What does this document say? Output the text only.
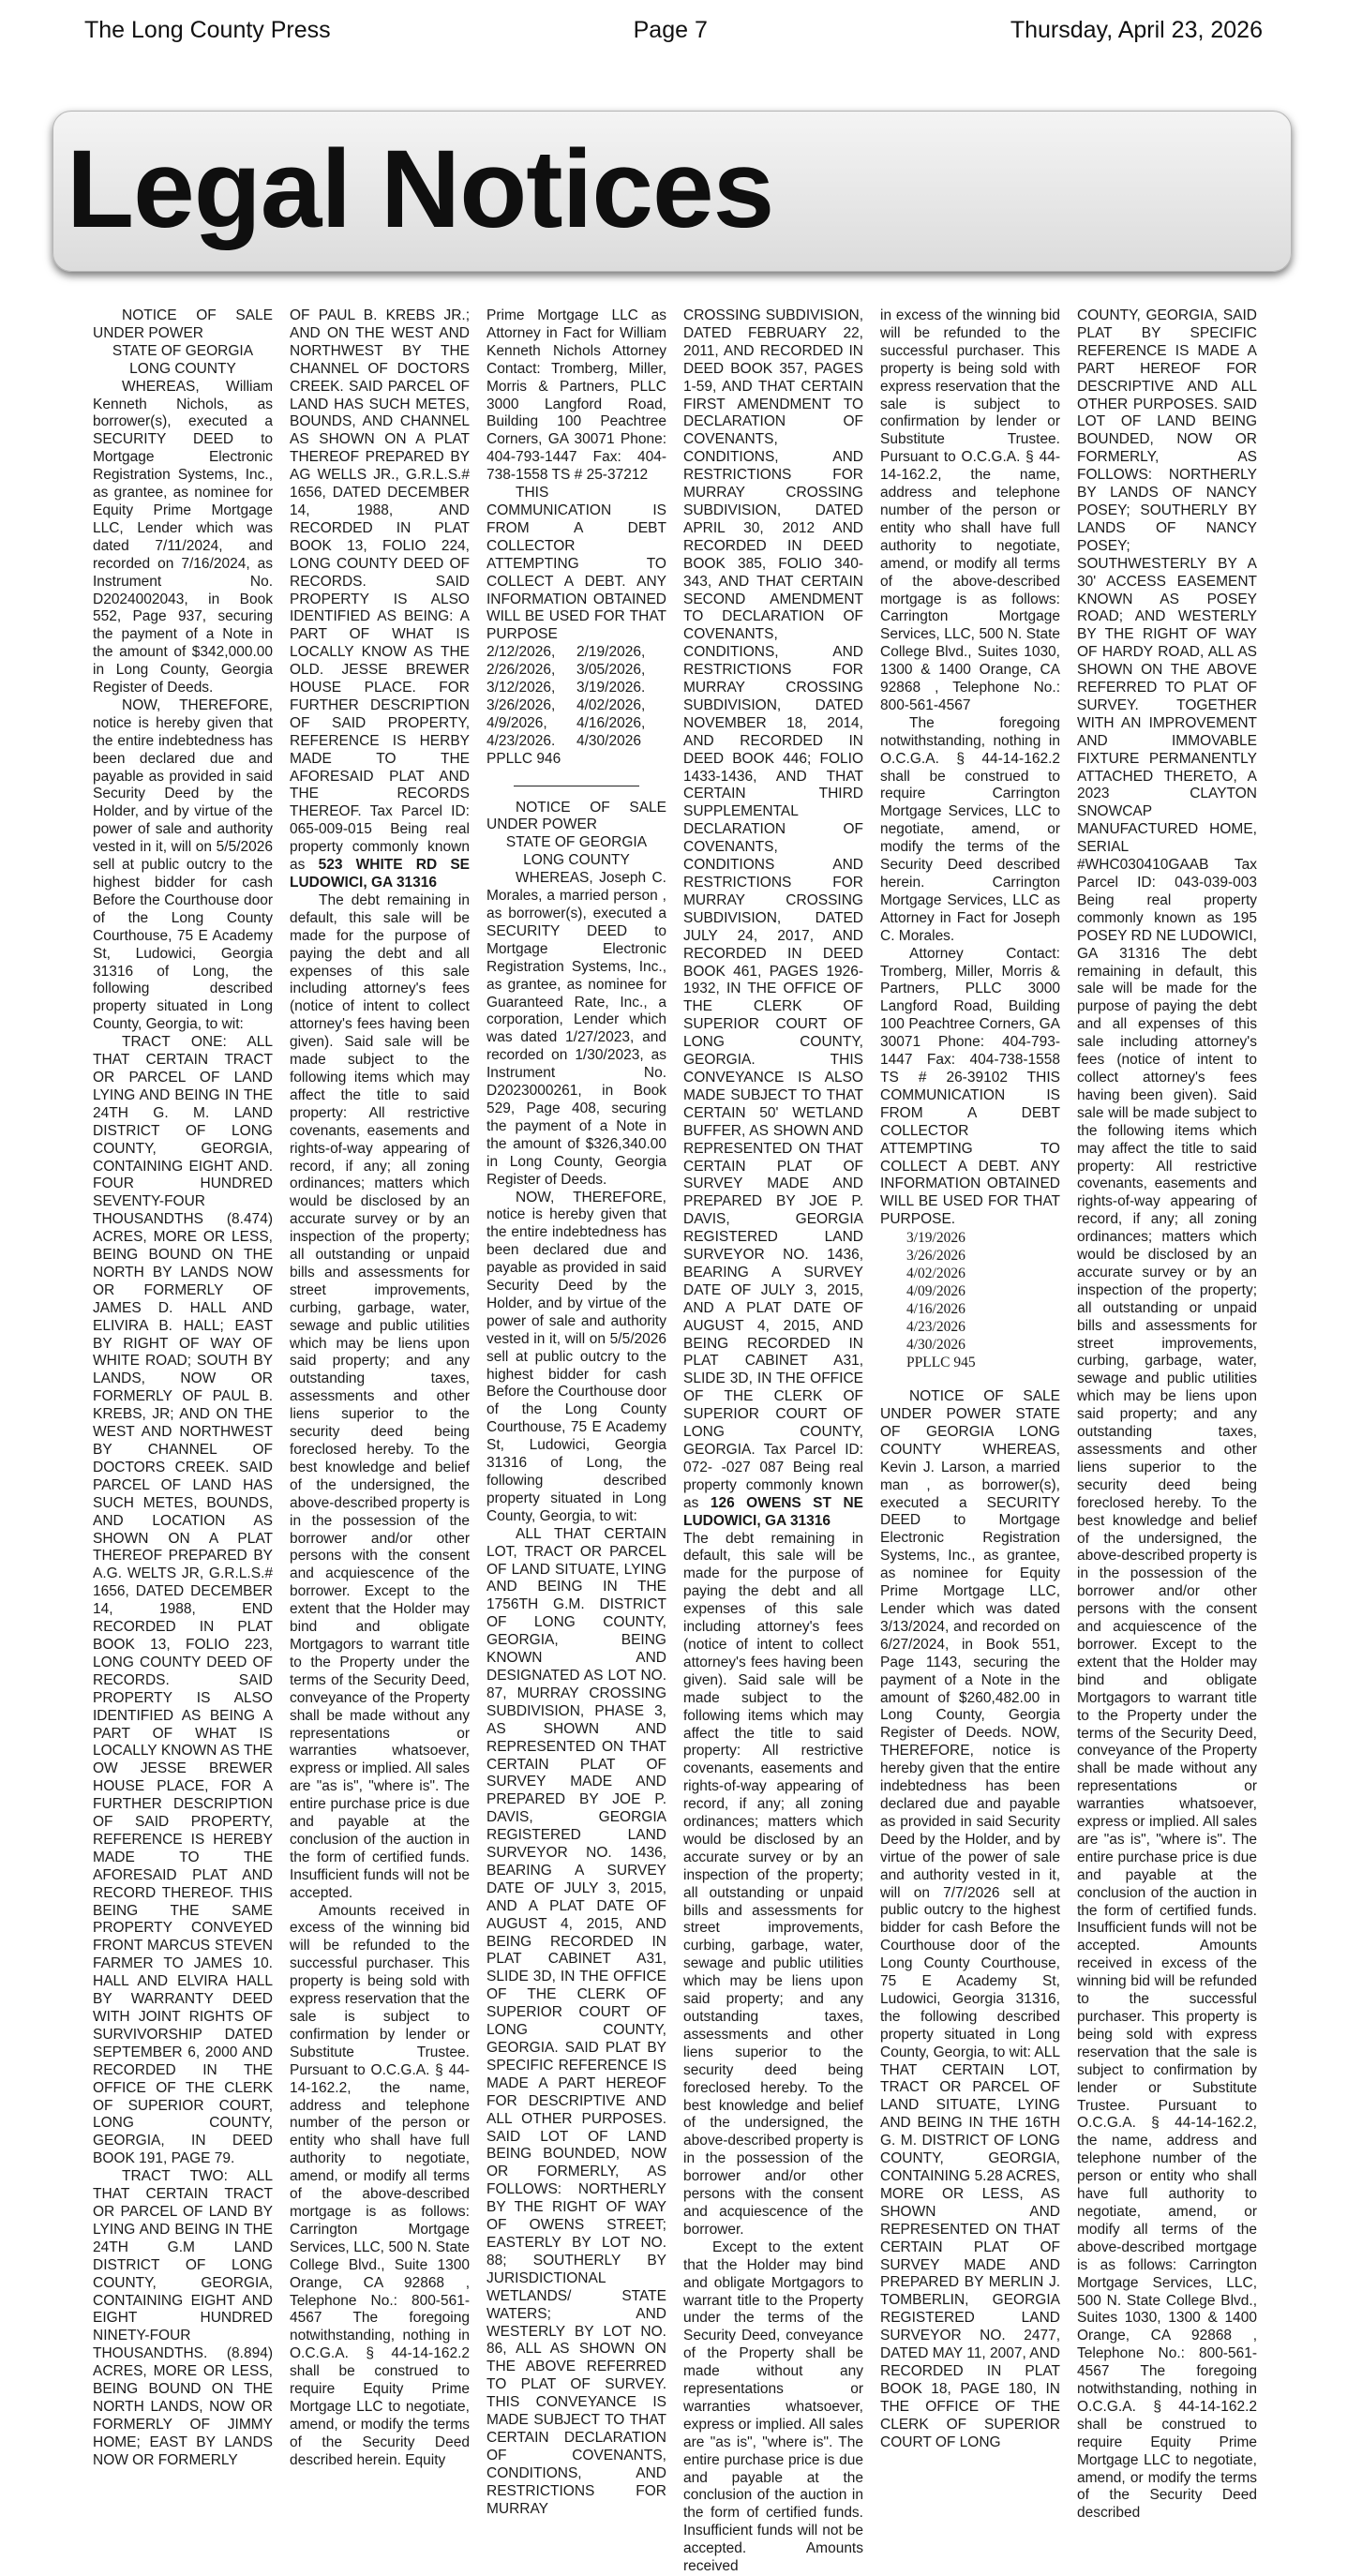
The Long County Press	Page 7	Thursday, April 23, 2026
Legal Notices

NOTICE OF SALE UNDER POWER

STATE OF GEORGIA

LONG COUNTY

WHEREAS, William Kenneth Nichols, as borrower(s), executed a SECURITY DEED to Mortgage Electronic Registration Systems, Inc., as grantee, as nominee for Equity Prime Mortgage LLC, Lender which was dated 7/11/2024, and recorded on 7/16/2024, as Instrument No. D2024002043, in Book 552, Page 937, securing the payment of a Note in the amount of $342,000.00 in Long County, Georgia Register of Deeds.

NOW, THEREFORE, notice is hereby given that the entire indebtedness has been declared due and payable as provided in said Security Deed by the Holder, and by virtue of the power of sale and authority vested in it, will on 5/5/2026 sell at public outcry to the highest bidder for cash Before the Courthouse door of the Long County Courthouse, 75 E Academy St, Ludowici, Georgia 31316 of Long, the following described property situated in Long County, Georgia, to wit:

TRACT ONE: ALL THAT CERTAIN TRACT OR PARCEL OF LAND LYING AND BEING IN THE 24TH G. M. LAND DISTRICT OF LONG COUNTY, GEORGIA, CONTAINING EIGHT AND. FOUR HUNDRED SEVENTY-FOUR THOUSANDTHS (8.474) ACRES, MORE OR LESS, BEING BOUND ON THE NORTH BY LANDS NOW OR FORMERLY OF JAMES D. HALL AND ELIVIRA B. HALL; EAST BY RIGHT OF WAY OF WHITE ROAD; SOUTH BY LANDS, NOW OR FORMERLY OF PAUL B. KREBS, JR; AND ON THE WEST AND NORTHWEST BY CHANNEL OF DOCTORS CREEK. SAID PARCEL OF LAND HAS SUCH METES, BOUNDS, AND LOCATION AS SHOWN ON A PLAT THEREOF PREPARED BY A.G. WELTS JR, G.R.L.S.# 1656, DATED DECEMBER 14, 1988, END RECORDED IN PLAT BOOK 13, FOLIO 223, LONG COUNTY DEED OF RECORDS. SAID PROPERTY IS ALSO IDENTIFIED AS BEING A PART OF WHAT IS LOCALLY KNOWN AS THE OW JESSE BREWER HOUSE PLACE, FOR A FURTHER DESCRIPTION OF SAID PROPERTY, REFERENCE IS HEREBY MADE TO THE AFORESAID PLAT AND RECORD THEREOF. THIS BEING THE SAME PROPERTY CONVEYED FRONT MARCUS STEVEN FARMER TO JAMES 10. HALL AND ELVIRA HALL BY WARRANTY DEED WITH JOINT RIGHTS OF SURVIVORSHIP DATED SEPTEMBER 6, 2000 AND RECORDED IN THE OFFICE OF THE CLERK OF SUPERIOR COURT, LONG COUNTY, GEORGIA, IN DEED BOOK 191, PAGE 79.

TRACT TWO: ALL THAT CERTAIN TRACT OR PARCEL OF LAND BY LYING AND BEING IN THE 24TH G.M LAND DISTRICT OF LONG COUNTY, GEORGIA, CONTAINING EIGHT AND EIGHT HUNDRED NINETY-FOUR THOUSANDTHS. (8.894) ACRES, MORE OR LESS, BEING BOUND ON THE NORTH LANDS, NOW OR FORMERLY OF JIMMY HOME; EAST BY LANDS NOW OR FORMERLY

OF PAUL B. KREBS JR.; AND ON THE WEST AND NORTHWEST BY THE CHANNEL OF DOCTORS CREEK. SAID PARCEL OF LAND HAS SUCH METES, BOUNDS, AND CHANNEL AS SHOWN ON A PLAT THEREOF PREPARED BY AG WELLS JR., G.R.L.S.# 1656, DATED DECEMBER 14, 1988, AND RECORDED IN PLAT BOOK 13, FOLIO 224, LONG COUNTY DEED OF RECORDS. SAID PROPERTY IS ALSO IDENTIFIED AS BEING: A PART OF WHAT IS LOCALLY KNOW AS THE OLD. JESSE BREWER HOUSE PLACE. FOR FURTHER DESCRIPTION OF SAID PROPERTY, REFERENCE IS HERBY MADE TO THE AFORESAID PLAT AND THE RECORDS THEREOF. Tax Parcel ID: 065-009-015 Being real property commonly known as 523 WHITE RD SE LUDOWICI, GA 31316

The debt remaining in default, this sale will be made for the purpose of paying the debt and all expenses of this sale including attorney's fees (notice of intent to collect attorney's fees having been given). Said sale will be made subject to the following items which may affect the title to said property: All restrictive covenants, easements and rights-of-way appearing of record, if any; all zoning ordinances; matters which would be disclosed by an accurate survey or by an inspection of the property; all outstanding or unpaid bills and assessments for street improvements, curbing, garbage, water, sewage and public utilities which may be liens upon said property; and any outstanding taxes, assessments and other liens superior to the security deed being foreclosed hereby. To the best knowledge and belief of the undersigned, the above-described property is in the possession of the borrower and/or other persons with the consent and acquiescence of the borrower. Except to the extent that the Holder may bind and obligate Mortgagors to warrant title to the Property under the terms of the Security Deed, conveyance of the Property shall be made without any representations or warranties whatsoever, express or implied. All sales are "as is", "where is". The entire purchase price is due and payable at the conclusion of the auction in the form of certified funds. Insufficient funds will not be accepted.

Amounts received in excess of the winning bid will be refunded to the successful purchaser. This property is being sold with express reservation that the sale is subject to confirmation by lender or Substitute Trustee. Pursuant to O.C.G.A. § 44-14-162.2, the name, address and telephone number of the person or entity who shall have full authority to negotiate, amend, or modify all terms of the above-described mortgage is as follows: Carrington Mortgage Services, LLC, 500 N. State College Blvd., Suite 1300 Orange, CA 92868 , Telephone No.: 800-561-4567 The foregoing notwithstanding, nothing in O.C.G.A. § 44-14-162.2 shall be construed to require Equity Prime Mortgage LLC to negotiate, amend, or modify the terms of the Security Deed described herein. Equity

Prime Mortgage LLC as Attorney in Fact for William Kenneth Nichols Attorney Contact: Tromberg, Miller, Morris & Partners, PLLC 3000 Langford Road, Building 100 Peachtree Corners, GA 30071 Phone: 404-793-1447 Fax: 404-738-1558 TS # 25-37212

THIS COMMUNICATION IS FROM A DEBT COLLECTOR ATTEMPTING TO COLLECT A DEBT. ANY INFORMATION OBTAINED WILL BE USED FOR THAT PURPOSE

2/12/2026,	2/19/2026,
2/26/2026,	3/05/2026,
3/12/2026,	3/19/2026.
3/26/2026,	4/02/2026,
4/9/2026,	4/16/2026,
4/23/2026.	4/30/2026

PPLLC 946

NOTICE OF SALE UNDER POWER

STATE OF GEORGIA

LONG COUNTY

WHEREAS, Joseph C. Morales, a married person , as borrower(s), executed a SECURITY DEED to Mortgage Electronic Registration Systems, Inc., as grantee, as nominee for Guaranteed Rate, Inc., a corporation, Lender which was dated 1/27/2023, and recorded on 1/30/2023, as Instrument No. D2023000261, in Book 529, Page 408, securing the payment of a Note in the amount of $326,340.00 in Long County, Georgia Register of Deeds.

NOW, THEREFORE, notice is hereby given that the entire indebtedness has been declared due and payable as provided in said Security Deed by the Holder, and by virtue of the power of sale and authority vested in it, will on 5/5/2026 sell at public outcry to the highest bidder for cash Before the Courthouse door of the Long County Courthouse, 75 E Academy St, Ludowici, Georgia 31316 of Long, the following described property situated in Long County, Georgia, to wit:

ALL THAT CERTAIN LOT, TRACT OR PARCEL OF LAND SITUATE, LYING AND BEING IN THE 1756TH G.M. DISTRICT OF LONG COUNTY, GEORGIA, BEING KNOWN AND DESIGNATED AS LOT NO. 87, MURRAY CROSSING SUBDIVISION, PHASE 3, AS SHOWN AND REPRESENTED ON THAT CERTAIN PLAT OF SURVEY MADE AND PREPARED BY JOE P. DAVIS, GEORGIA REGISTERED LAND SURVEYOR NO. 1436, BEARING A SURVEY DATE OF JULY 3, 2015, AND A PLAT DATE OF AUGUST 4, 2015, AND BEING RECORDED IN PLAT CABINET A31, SLIDE 3D, IN THE OFFICE OF THE CLERK OF SUPERIOR COURT OF LONG COUNTY, GEORGIA. SAID PLAT BY SPECIFIC REFERENCE IS MADE A PART HEREOF FOR DESCRIPTIVE AND ALL OTHER PURPOSES. SAID LOT OF LAND BEING BOUNDED, NOW OR FORMERLY, AS FOLLOWS: NORTHERLY BY THE RIGHT OF WAY OF OWENS STREET; EASTERLY BY LOT NO. 88; SOUTHERLY BY JURISDICTIONAL WETLANDS/ STATE WATERS; AND WESTERLY BY LOT NO. 86, ALL AS SHOWN ON THE ABOVE REFERRED TO PLAT OF SURVEY. THIS CONVEYANCE IS MADE SUBJECT TO THAT CERTAIN DECLARATION OF COVENANTS, CONDITIONS, AND RESTRICTIONS FOR MURRAY

CROSSING SUBDIVISION, DATED FEBRUARY 22, 2011, AND RECORDED IN DEED BOOK 357, PAGES 1-59, AND THAT CERTAIN FIRST AMENDMENT TO DECLARATION OF COVENANTS, CONDITIONS, AND RESTRICTIONS FOR MURRAY CROSSING SUBDIVISION, DATED APRIL 30, 2012 AND RECORDED IN DEED BOOK 385, FOLIO 340-343, AND THAT CERTAIN SECOND AMENDMENT TO DECLARATION OF COVENANTS, CONDITIONS, AND RESTRICTIONS FOR MURRAY CROSSING SUBDIVISION, DATED NOVEMBER 18, 2014, AND RECORDED IN DEED BOOK 446; FOLIO 1433-1436, AND THAT CERTAIN THIRD SUPPLEMENTAL DECLARATION OF COVENANTS, CONDITIONS AND RESTRICTIONS FOR MURRAY CROSSING SUBDIVISION, DATED JULY 24, 2017, AND RECORDED IN DEED BOOK 461, PAGES 1926-1932, IN THE OFFICE OF THE CLERK OF SUPERIOR COURT OF LONG COUNTY, GEORGIA. THIS CONVEYANCE IS ALSO MADE SUBJECT TO THAT CERTAIN 50' WETLAND BUFFER, AS SHOWN AND REPRESENTED ON THAT CERTAIN PLAT OF SURVEY MADE AND PREPARED BY JOE P. DAVIS, GEORGIA REGISTERED LAND SURVEYOR NO. 1436, BEARING A SURVEY DATE OF JULY 3, 2015, AND A PLAT DATE OF AUGUST 4, 2015, AND BEING RECORDED IN PLAT CABINET A31, SLIDE 3D, IN THE OFFICE OF THE CLERK OF SUPERIOR COURT OF LONG COUNTY, GEORGIA. Tax Parcel ID: 072- -027 087 Being real property commonly known as 126 OWENS ST NE LUDOWICI, GA 31316

The debt remaining in default, this sale will be made for the purpose of paying the debt and all expenses of this sale including attorney's fees (notice of intent to collect attorney's fees having been given). Said sale will be made subject to the following items which may affect the title to said property: All restrictive covenants, easements and rights-of-way appearing of record, if any; all zoning ordinances; matters which would be disclosed by an accurate survey or by an inspection of the property; all outstanding or unpaid bills and assessments for street improvements, curbing, garbage, water, sewage and public utilities which may be liens upon said property; and any outstanding taxes, assessments and other liens superior to the security deed being foreclosed hereby. To the best knowledge and belief of the undersigned, the above-described property is in the possession of the borrower and/or other persons with the consent and acquiescence of the borrower.

Except to the extent that the Holder may bind and obligate Mortgagors to warrant title to the Property under the terms of the Security Deed, conveyance of the Property shall be made without any representations or warranties whatsoever, express or implied. All sales are "as is", "where is". The entire purchase price is due and payable at the conclusion of the auction in the form of certified funds. Insufficient funds will not be accepted. Amounts received

in excess of the winning bid will be refunded to the successful purchaser. This property is being sold with express reservation that the sale is subject to confirmation by lender or Substitute Trustee. Pursuant to O.C.G.A. § 44-14-162.2, the name, address and telephone number of the person or entity who shall have full authority to negotiate, amend, or modify all terms of the above-described mortgage is as follows: Carrington Mortgage Services, LLC, 500 N. State College Blvd., Suites 1030, 1300 & 1400 Orange, CA 92868 , Telephone No.: 800-561-4567

The foregoing notwithstanding, nothing in O.C.G.A. § 44-14-162.2 shall be construed to require Carrington Mortgage Services, LLC to negotiate, amend, or modify the terms of the Security Deed described herein. Carrington Mortgage Services, LLC as Attorney in Fact for Joseph C. Morales.

Attorney Contact: Tromberg, Miller, Morris & Partners, PLLC 3000 Langford Road, Building 100 Peachtree Corners, GA 30071 Phone: 404-793-1447 Fax: 404-738-1558 TS # 26-39102 THIS COMMUNICATION IS FROM A DEBT COLLECTOR ATTEMPTING TO COLLECT A DEBT. ANY INFORMATION OBTAINED WILL BE USED FOR THAT PURPOSE.

3/19/2026
3/26/2026
4/02/2026
4/09/2026
4/16/2026
4/23/2026
4/30/2026
PPLLC 945

NOTICE OF SALE UNDER POWER STATE OF GEORGIA LONG COUNTY WHEREAS, Kevin J. Larson, a married man , as borrower(s), executed a SECURITY DEED to Mortgage Electronic Registration Systems, Inc., as grantee, as nominee for Equity Prime Mortgage LLC, Lender which was dated 3/13/2024, and recorded on 6/27/2024, in Book 551, Page 1143, securing the payment of a Note in the amount of $260,482.00 in Long County, Georgia Register of Deeds. NOW, THEREFORE, notice is hereby given that the entire indebtedness has been declared due and payable as provided in said Security Deed by the Holder, and by virtue of the power of sale and authority vested in it, will on 7/7/2026 sell at public outcry to the highest bidder for cash Before the Courthouse door of the Long County Courthouse, 75 E Academy St, Ludowici, Georgia 31316, the following described property situated in Long County, Georgia, to wit: ALL THAT CERTAIN LOT, TRACT OR PARCEL OF LAND SITUATE, LYING AND BEING IN THE 16TH G. M. DISTRICT OF LONG COUNTY, GEORGIA, CONTAINING 5.28 ACRES, MORE OR LESS, AS SHOWN AND REPRESENTED ON THAT CERTAIN PLAT OF SURVEY MADE AND PREPARED BY MERLIN J. TOMBERLIN, GEORGIA REGISTERED LAND SURVEYOR NO. 2477, DATED MAY 11, 2007, AND RECORDED IN PLAT BOOK 18, PAGE 180, IN THE OFFICE OF THE CLERK OF SUPERIOR COURT OF LONG

COUNTY, GEORGIA, SAID PLAT BY SPECIFIC REFERENCE IS MADE A PART HEREOF FOR DESCRIPTIVE AND ALL OTHER PURPOSES. SAID LOT OF LAND BEING BOUNDED, NOW OR FORMERLY, AS FOLLOWS: NORTHERLY BY LANDS OF NANCY POSEY; SOUTHERLY BY LANDS OF NANCY POSEY; SOUTHWESTERLY BY A 30' ACCESS EASEMENT KNOWN AS POSEY ROAD; AND WESTERLY BY THE RIGHT OF WAY OF HARDY ROAD, ALL AS SHOWN ON THE ABOVE REFERRED TO PLAT OF SURVEY. TOGETHER WITH AN IMPROVEMENT AND IMMOVABLE FIXTURE PERMANENTLY ATTACHED THERETO, A 2023 CLAYTON SNOWCAP MANUFACTURED HOME, SERIAL #WHC030410GAAB Tax Parcel ID: 043-039-003 Being real property commonly known as 195 POSEY RD NE LUDOWICI, GA 31316 The debt remaining in default, this sale will be made for the purpose of paying the debt and all expenses of this sale including attorney's fees (notice of intent to collect attorney's fees having been given). Said sale will be made subject to the following items which may affect the title to said property: All restrictive covenants, easements and rights-of-way appearing of record, if any; all zoning ordinances; matters which would be disclosed by an accurate survey or by an inspection of the property; all outstanding or unpaid bills and assessments for street improvements, curbing, garbage, water, sewage and public utilities which may be liens upon said property; and any outstanding taxes, assessments and other liens superior to the security deed being foreclosed hereby. To the best knowledge and belief of the undersigned, the above-described property is in the possession of the borrower and/or other persons with the consent and acquiescence of the borrower. Except to the extent that the Holder may bind and obligate Mortgagors to warrant title to the Property under the terms of the Security Deed, conveyance of the Property shall be made without any representations or warranties whatsoever, express or implied. All sales are "as is", "where is". The entire purchase price is due and payable at the conclusion of the auction in the form of certified funds. Insufficient funds will not be accepted. Amounts received in excess of the winning bid will be refunded to the successful purchaser. This property is being sold with express reservation that the sale is subject to confirmation by lender or Substitute Trustee. Pursuant to O.C.G.A. § 44-14-162.2, the name, address and telephone number of the person or entity who shall have full authority to negotiate, amend, or modify all terms of the above-described mortgage is as follows: Carrington Mortgage Services, LLC, 500 N. State College Blvd., Suites 1030, 1300 & 1400 Orange, CA 92868 , Telephone No.: 800-561-4567 The foregoing notwithstanding, nothing in O.C.G.A. § 44-14-162.2 shall be construed to require Equity Prime Mortgage LLC to negotiate, amend, or modify the terms of the Security Deed described
